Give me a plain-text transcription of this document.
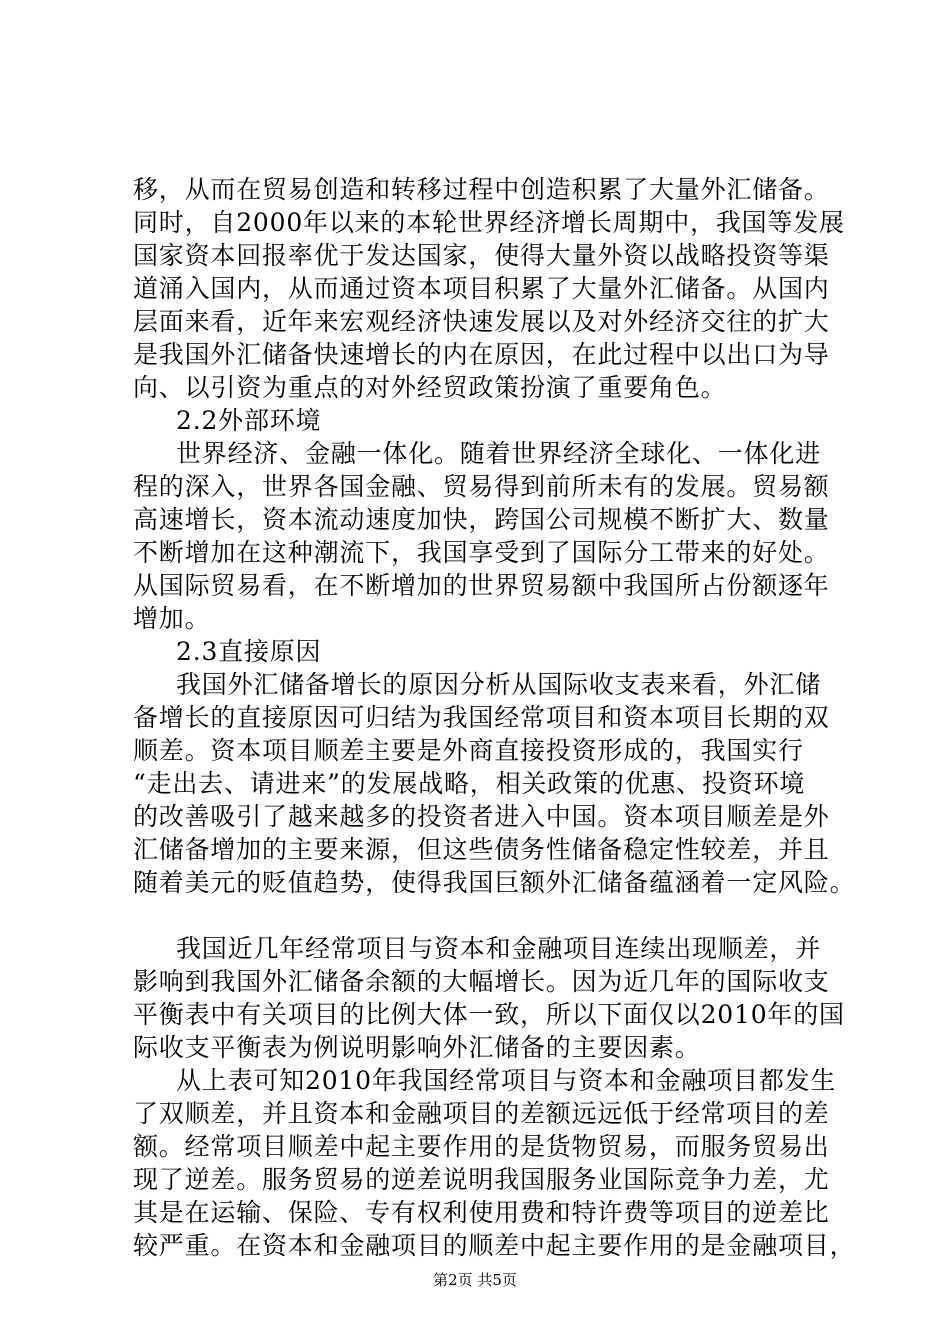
移，从而在贸易创造和转移过程中创造积累了大量外汇储备。
同时，自2000年以来的本轮世界经济增长周期中，我国等发展
国家资本回报率优于发达国家，使得大量外资以战略投资等渠
道涌入国内，从而通过资本项目积累了大量外汇储备。从国内
层面来看，近年来宏观经济快速发展以及对外经济交往的扩大
是我国外汇储备快速增长的内在原因，在此过程中以出口为导
向、以引资为重点的对外经贸政策扮演了重要角色。
2.2外部环境
世界经济、金融一体化。随着世界经济全球化、一体化进
程的深入，世界各国金融、贸易得到前所未有的发展。贸易额
高速增长，资本流动速度加快，跨国公司规模不断扩大、数量
不断增加在这种潮流下，我国享受到了国际分工带来的好处。
从国际贸易看，在不断增加的世界贸易额中我国所占份额逐年
增加。
2.3直接原因
我国外汇储备增长的原因分析从国际收支表来看，外汇储
备增长的直接原因可归结为我国经常项目和资本项目长期的双
顺差。资本项目顺差主要是外商直接投资形成的，我国实行
“走出去、请进来”的发展战略，相关政策的优惠、投资环境
的改善吸引了越来越多的投资者进入中国。资本项目顺差是外
汇储备增加的主要来源，但这些债务性储备稳定性较差，并且
随着美元的贬值趋势，使得我国巨额外汇储备蕴涵着一定风险。
我国近几年经常项目与资本和金融项目连续出现顺差，并
影响到我国外汇储备余额的大幅增长。因为近几年的国际收支
平衡表中有关项目的比例大体一致，所以下面仅以2010年的国
际收支平衡表为例说明影响外汇储备的主要因素。
从上表可知2010年我国经常项目与资本和金融项目都发生
了双顺差，并且资本和金融项目的差额远远低于经常项目的差
额。经常项目顺差中起主要作用的是货物贸易，而服务贸易出
现了逆差。服务贸易的逆差说明我国服务业国际竞争力差，尤
其是在运输、保险、专有权利使用费和特许费等项目的逆差比
较严重。在资本和金融项目的顺差中起主要作用的是金融项目，
第2页 共5页
